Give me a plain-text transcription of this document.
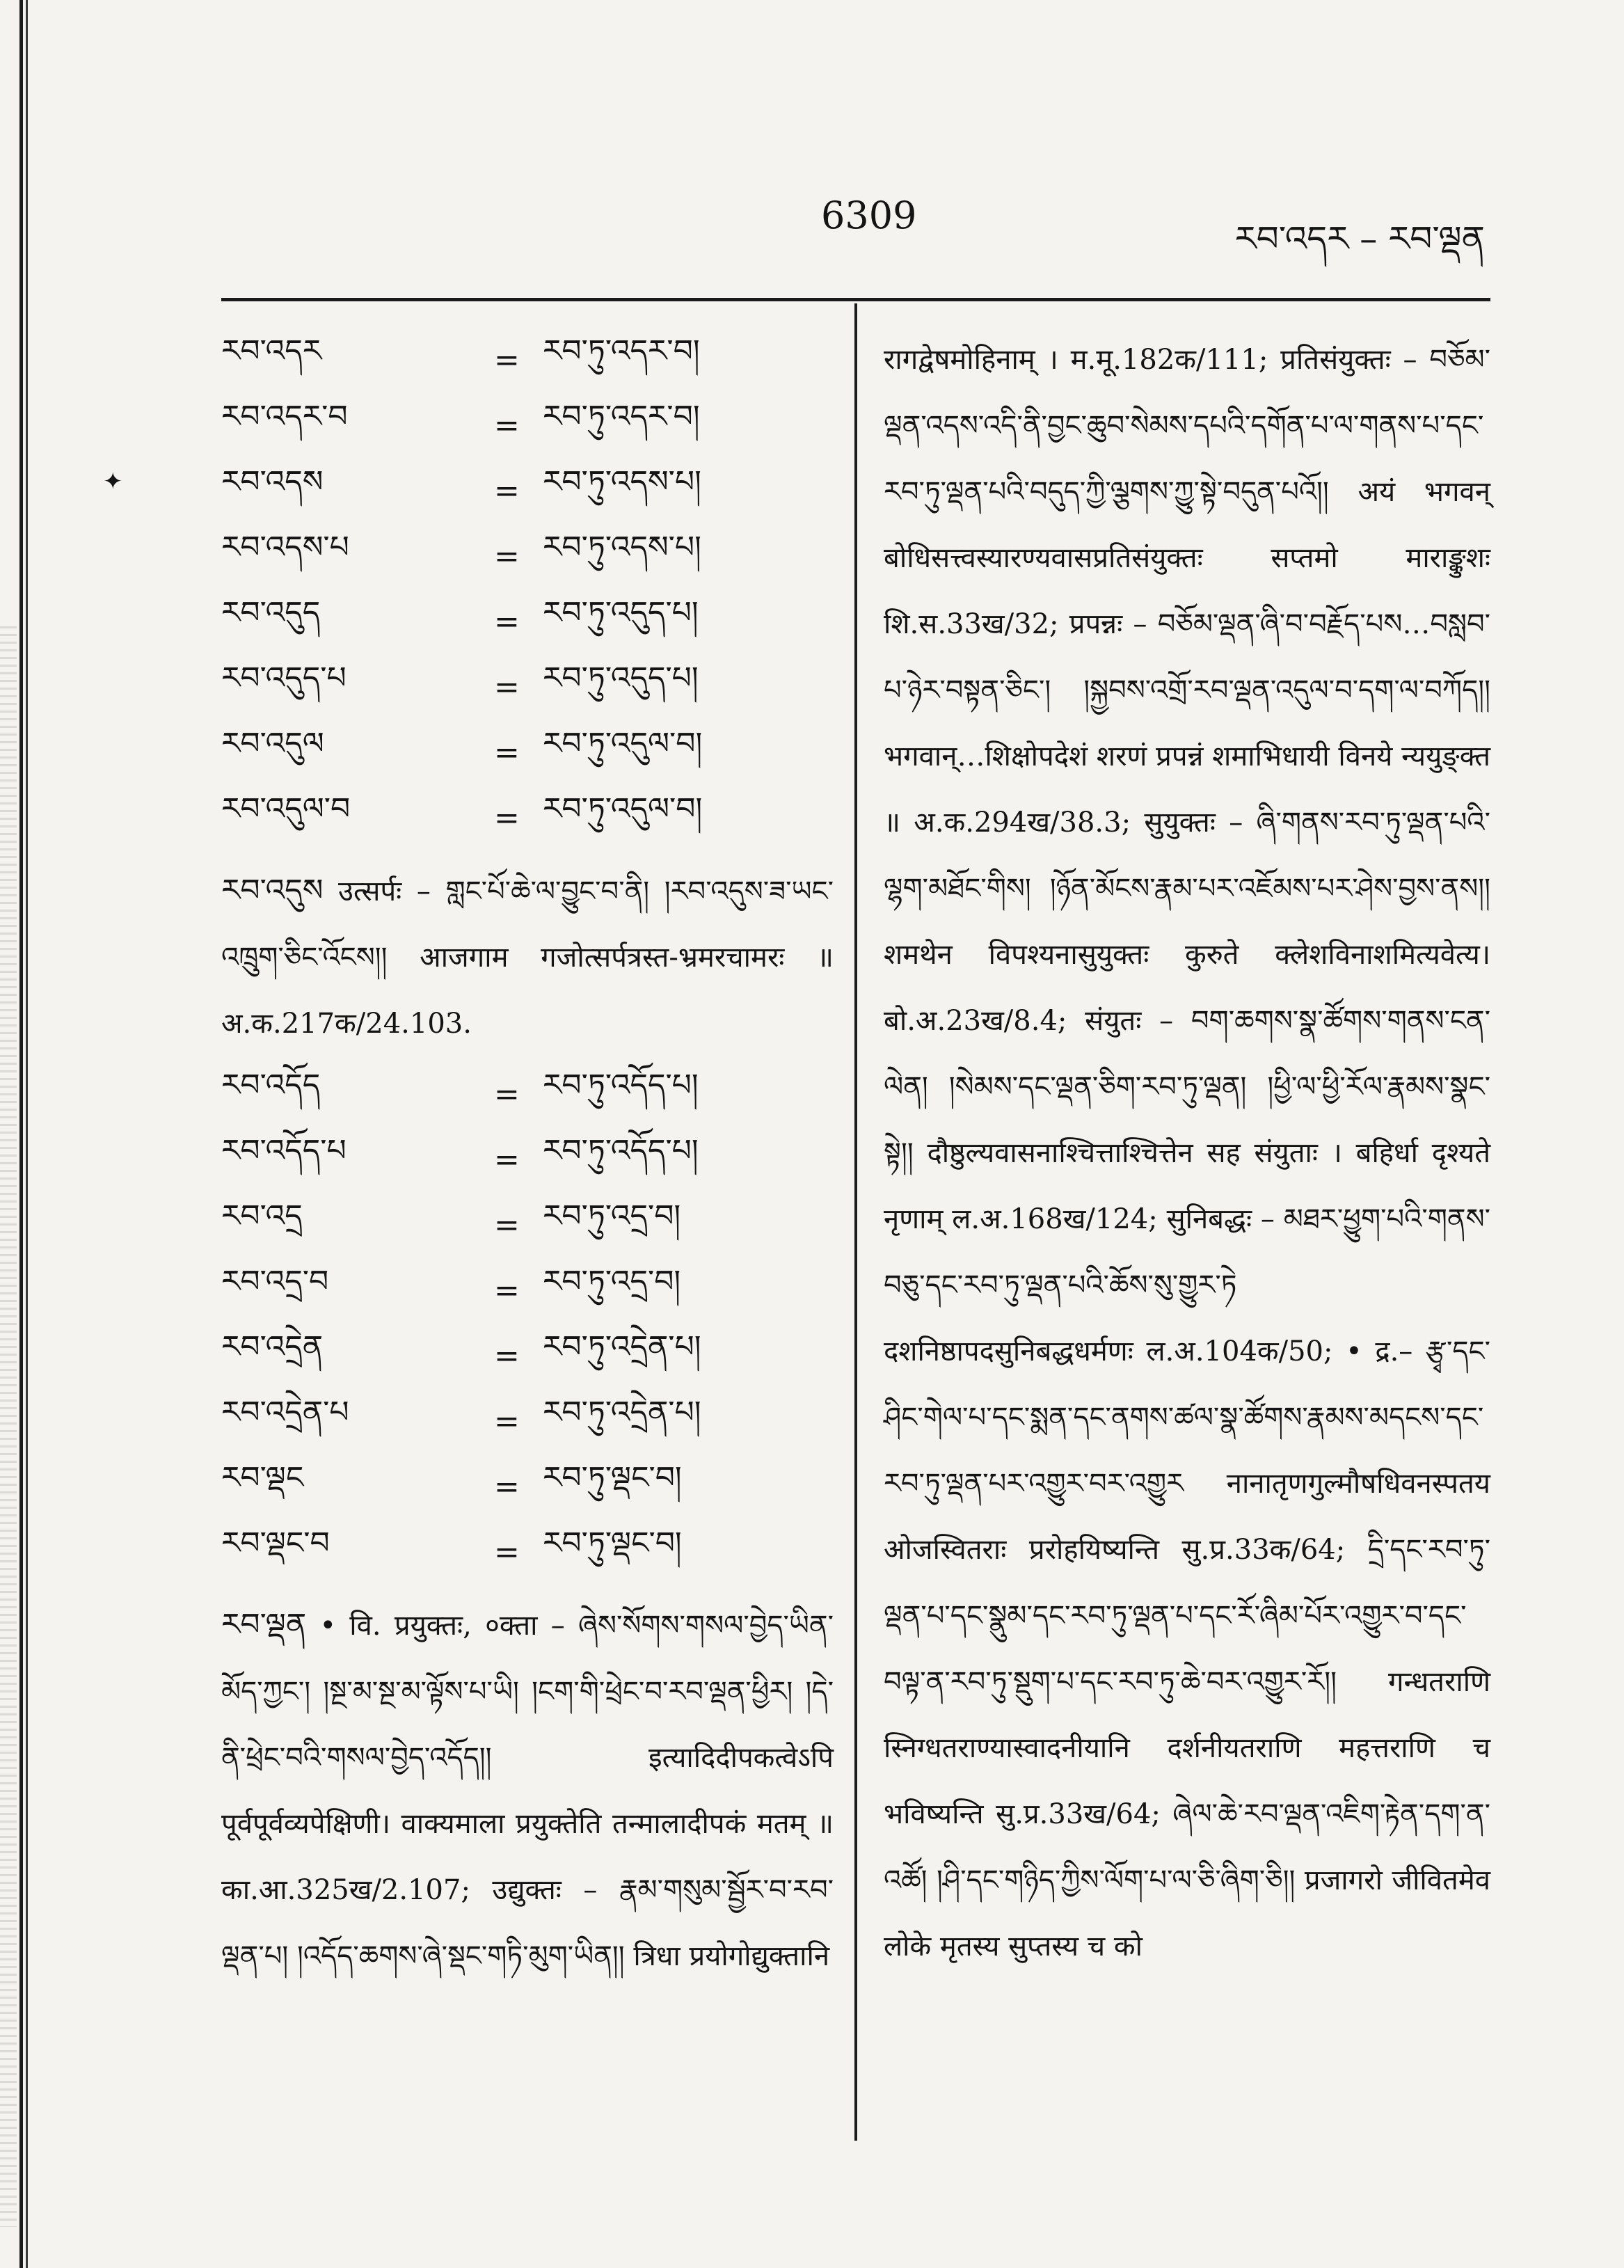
✦
6309
རབ་འདར – རབ་ལྡན
རབ་འདར	= རབ་ཏུ་འདར་བ།
རབ་འདར་བ	= རབ་ཏུ་འདར་བ།
རབ་འདས	= རབ་ཏུ་འདས་པ།
རབ་འདས་པ	= རབ་ཏུ་འདས་པ།
རབ་འདུད	= རབ་ཏུ་འདུད་པ།
རབ་འདུད་པ	= རབ་ཏུ་འདུད་པ།
རབ་འདུལ	= རབ་ཏུ་འདུལ་བ།
རབ་འདུལ་བ	= རབ་ཏུ་འདུལ་བ།

རབ་འདུས उत्सर्पः – གླང་པོ་ཆེ་ལ་བྱུང་བ་ནི། །རབ་འདུས་ཟ་ཡང་འཁྲུག་ཅིང་འོངས།། आजगाम गजोत्सर्पत्रस्त-भ्रमरचामरः ॥ अ.क.217क/24.103.

རབ་འདོད	= རབ་ཏུ་འདོད་པ།
རབ་འདོད་པ	= རབ་ཏུ་འདོད་པ།
རབ་འདྲ	= རབ་ཏུ་འདྲ་བ།
རབ་འདྲ་བ	= རབ་ཏུ་འདྲ་བ།
རབ་འདྲེན	= རབ་ཏུ་འདྲེན་པ།
རབ་འདྲེན་པ	= རབ་ཏུ་འདྲེན་པ།
རབ་ལྡང	= རབ་ཏུ་ལྡང་བ།
རབ་ལྡང་བ	= རབ་ཏུ་ལྡང་བ།

རབ་ལྡན • वि. प्रयुक्तः, ०क्ता – ཞེས་སོགས་གསལ་བྱེད་ཡིན་མོད་ཀྱང་། །སྔ་མ་སྔ་མ་ལྟོས་པ་ཡི། །ངག་གི་ཕྲེང་བ་རབ་ལྡན་ཕྱིར། །དེ་ནི་ཕྲེང་བའི་གསལ་བྱེད་འདོད།། इत्यादिदीपकत्वेऽपि पूर्वपूर्वव्यपेक्षिणी। वाक्यमाला प्रयुक्तेति तन्मालादीपकं मतम् ॥ का.आ.325ख/2.107; उद्युक्तः – རྣམ་གསུམ་སྦྱོར་བ་རབ་ལྡན་པ། །འདོད་ཆགས་ཞེ་སྡང་གཏི་མུག་ཡིན།། त्रिधा प्रयोगोद्युक्तानि

रागद्वेषमोहिनाम् । म.मू.182क/111; प्रतिसंयुक्तः – བཅོམ་ལྡན་འདས་འདི་ནི་བྱང་ཆུབ་སེམས་དཔའི་དགོན་པ་ལ་གནས་པ་དང་རབ་ཏུ་ལྡན་པའི་བདུད་ཀྱི་ལྕགས་ཀྱུ་སྟེ་བདུན་པའོ།། अयं भगवन् बोधिसत्त्वस्यारण्यवासप्रतिसंयुक्तः सप्तमो माराङ्कुशः शि.स.33ख/32; प्रपन्नः – བཅོམ་ལྡན་ཞི་བ་བརྗོད་པས…བསླབ་པ་ཉེར་བསྟན་ཅིང་། །སྐྱབས་འགྲོ་རབ་ལྡན་འདུལ་བ་དག་ལ་བཀོད།། भगवान्…शिक्षोपदेशं शरणं प्रपन्नं शमाभिधायी विनये न्ययुङ्क्त ॥ अ.क.294ख/38.3; सुयुक्तः – ཞི་གནས་རབ་ཏུ་ལྡན་པའི་ལྷག་མཐོང་གིས། །ཉོན་མོངས་རྣམ་པར་འཇོམས་པར་ཤེས་བྱས་ནས།། शमथेन विपश्यनासुयुक्तः कुरुते क्लेशविनाशमित्यवेत्य। बो.अ.23ख/8.4; संयुतः – བག་ཆགས་སྣ་ཚོགས་གནས་ངན་ལེན། །སེམས་དང་ལྡན་ཅིག་རབ་ཏུ་ལྡན། །ཕྱི་ལ་ཕྱི་རོལ་རྣམས་སྣང་སྟེ།། दौष्ठुल्यवासनाश्चित्ताश्चित्तेन सह संयुताः । बहिर्धा दृश्यते नृणाम् ल.अ.168ख/124; सुनिबद्धः – མཐར་ཕྱུག་པའི་གནས་བཅུ་དང་རབ་ཏུ་ལྡན་པའི་ཆོས་སུ་གྱུར་ཏེ दशनिष्ठापदसुनिबद्धधर्मणः ल.अ.104क/50; • द्र.– རྩྭ་དང་ཤིང་གེལ་པ་དང་སྨན་དང་ནགས་ཚལ་སྣ་ཚོགས་རྣམས་མདངས་དང་རབ་ཏུ་ལྡན་པར་འགྱུར་བར་འགྱུར नानातृणगुल्मौषधिवनस्पतय ओजस्वितराः प्ररोहयिष्यन्ति सु.प्र.33क/64; དྲི་དང་རབ་ཏུ་ལྡན་པ་དང་སྣུམ་དང་རབ་ཏུ་ལྡན་པ་དང་རོ་ཞིམ་པོར་འགྱུར་བ་དང་བལྟ་ན་རབ་ཏུ་སྡུག་པ་དང་རབ་ཏུ་ཆེ་བར་འགྱུར་རོ།། गन्धतराणि स्निग्धतराण्यास्वादनीयानि दर्शनीयतराणि महत्तराणि च भविष्यन्ति सु.प्र.33ख/64; ཞེལ་ཆེ་རབ་ལྡན་འཇིག་རྟེན་དག་ན་འཚོ། །ཤི་དང་གཉིད་ཀྱིས་ལོག་པ་ལ་ཅི་ཞིག་ཅི།། प्रजागरो जीवितमेव लोके मृतस्य सुप्तस्य च को
